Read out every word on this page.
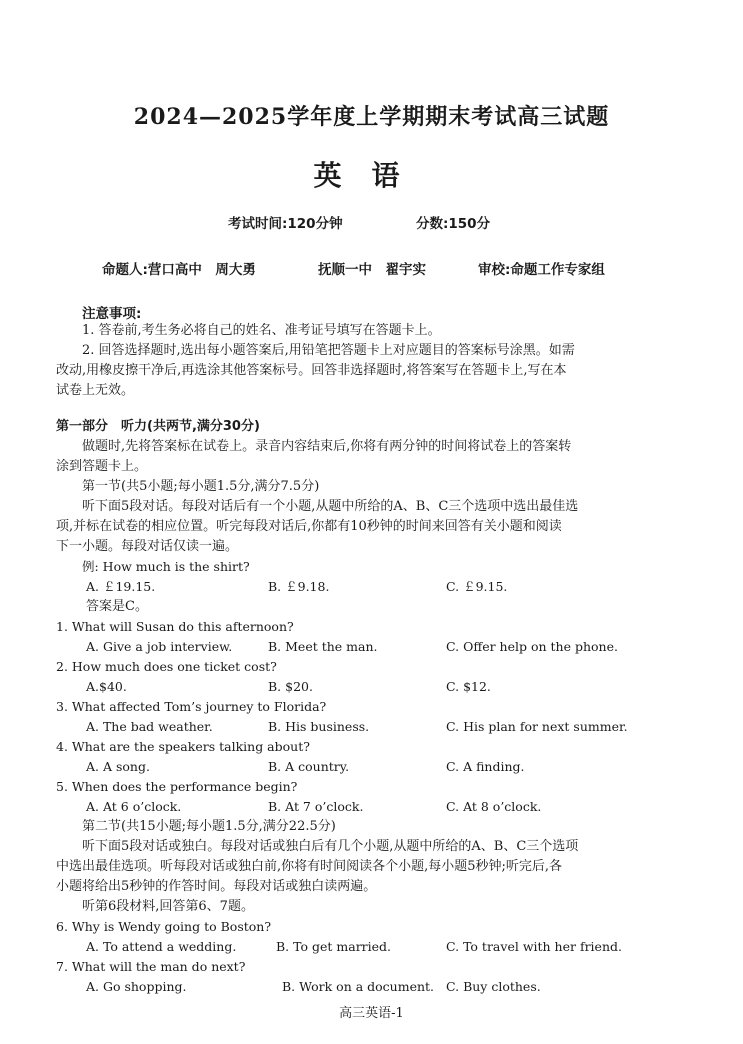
2024—2025学年度上学期期末考试高三试题
英语
考试时间:120分钟	分数:150分
命题人:营口高中　周大勇	抚顺一中　翟宇实	审校:命题工作专家组
注意事项:
1. 答卷前,考生务必将自己的姓名、准考证号填写在答题卡上。
2. 回答选择题时,选出每小题答案后,用铅笔把答题卡上对应题目的答案标号涂黑。如需
改动,用橡皮擦干净后,再选涂其他答案标号。回答非选择题时,将答案写在答题卡上,写在本
试卷上无效。
第一部分　听力(共两节,满分30分)
做题时,先将答案标在试卷上。录音内容结束后,你将有两分钟的时间将试卷上的答案转
涂到答题卡上。
第一节(共5小题;每小题1.5分,满分7.5分)
听下面5段对话。每段对话后有一个小题,从题中所给的A、B、C三个选项中选出最佳选
项,并标在试卷的相应位置。听完每段对话后,你都有10秒钟的时间来回答有关小题和阅读
下一小题。每段对话仅读一遍。
例: How much is the shirt?
A. ￡19.15.	B. ￡9.18.	C. ￡9.15.
答案是C。
1. What will Susan do this afternoon?
A. Give a job interview.	B. Meet the man.	C. Offer help on the phone.
2. How much does one ticket cost?
A.$40.	B. $20.	C. $12.
3. What affected Tom’s journey to Florida?
A. The bad weather.	B. His business.	C. His plan for next summer.
4. What are the speakers talking about?
A. A song.	B. A country.	C. A finding.
5. When does the performance begin?
A. At 6 o’clock.	B. At 7 o’clock.	C. At 8 o’clock.
第二节(共15小题;每小题1.5分,满分22.5分)
听下面5段对话或独白。每段对话或独白后有几个小题,从题中所给的A、B、C三个选项
中选出最佳选项。听每段对话或独白前,你将有时间阅读各个小题,每小题5秒钟;听完后,各
小题将给出5秒钟的作答时间。每段对话或独白读两遍。
听第6段材料,回答第6、7题。
6. Why is Wendy going to Boston?
A. To attend a wedding.	B. To get married.	C. To travel with her friend.
7. What will the man do next?
A. Go shopping.	B. Work on a document. C. Buy clothes.
高三英语-1
